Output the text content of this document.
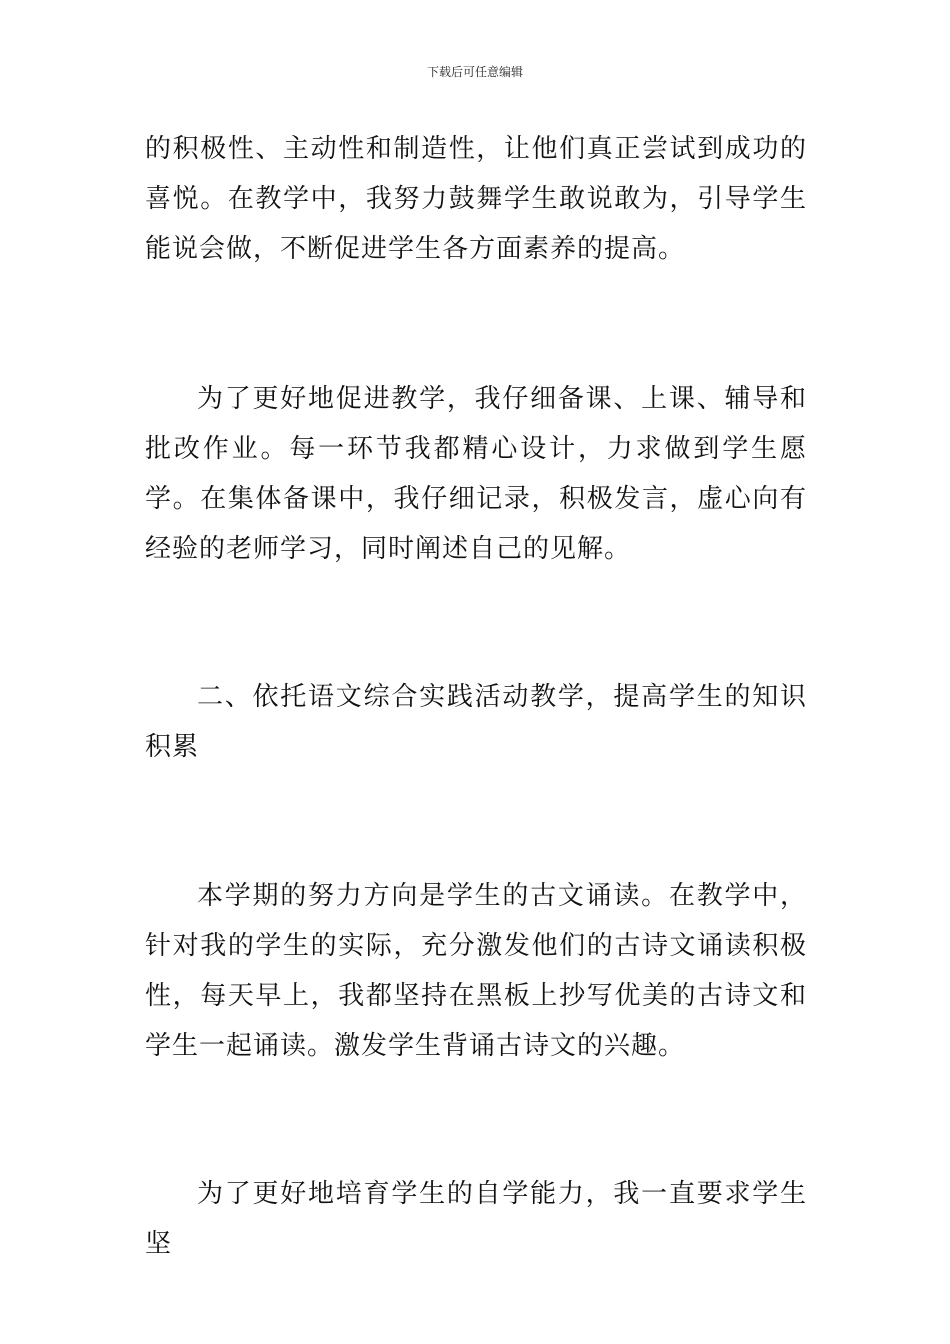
下载后可任意编辑

的积极性、主动性和制造性，让他们真正尝试到成功的喜悦。在教学中，我努力鼓舞学生敢说敢为，引导学生能说会做，不断促进学生各方面素养的提高。

为了更好地促进教学，我仔细备课、上课、辅导和批改作业。每一环节我都精心设计，力求做到学生愿学。在集体备课中，我仔细记录，积极发言，虚心向有经验的老师学习，同时阐述自己的见解。

二、依托语文综合实践活动教学，提高学生的知识积累

本学期的努力方向是学生的古文诵读。在教学中，针对我的学生的实际，充分激发他们的古诗文诵读积极性，每天早上，我都坚持在黑板上抄写优美的古诗文和学生一起诵读。激发学生背诵古诗文的兴趣。

为了更好地培育学生的自学能力，我一直要求学生坚
